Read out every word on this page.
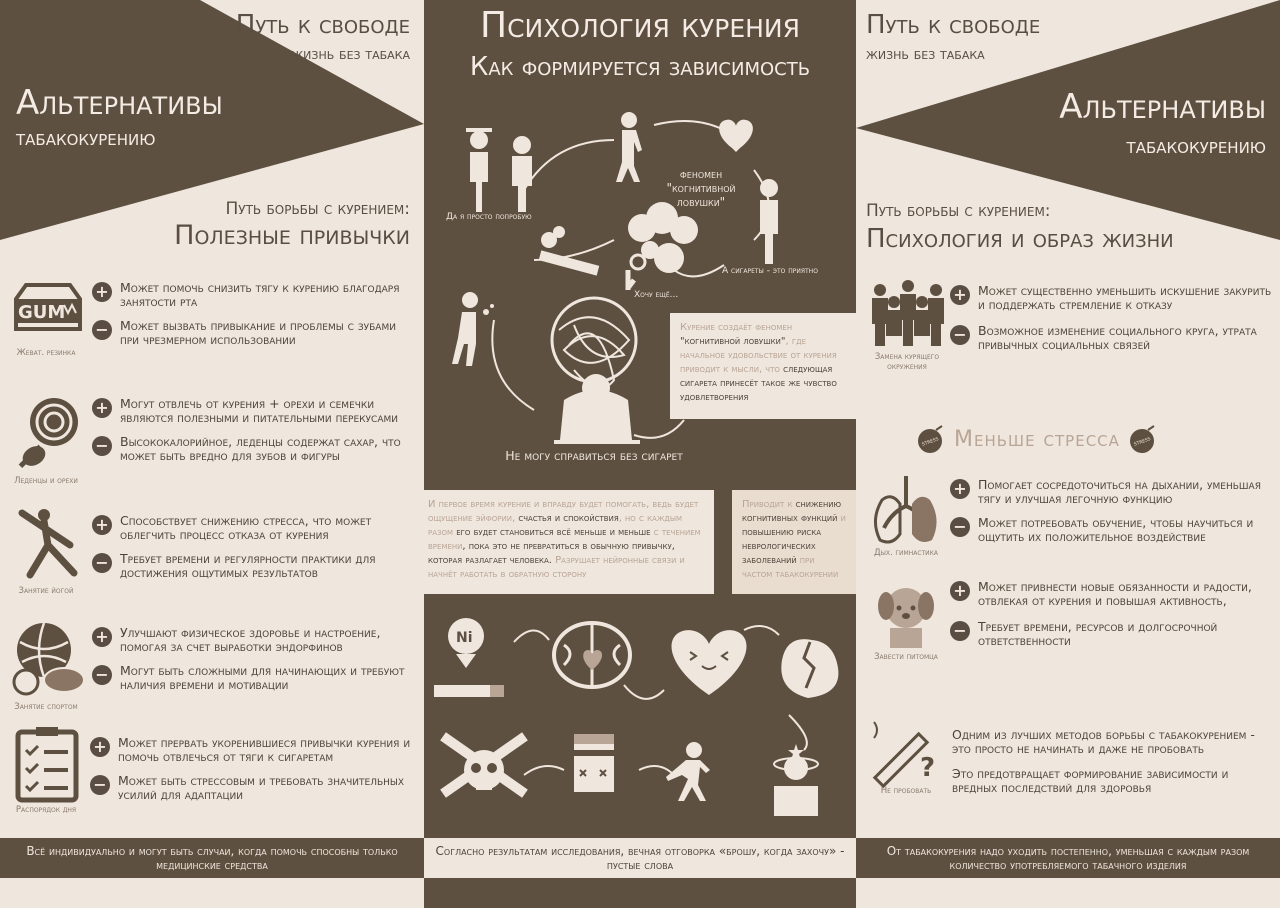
Путь к свободе
жизнь без табака
Альтернативы
табакокурению
Путь борьбы с курением:
Полезные привычки
GUM
Жеват. резинка
+ Может помочь снизить тягу к курению благодаря занятости рта
− Может вызвать привыкание и проблемы с зубами при чрезмерном использовании
Леденцы и орехи
+ Могут отвлечь от курения + орехи и семечки являются полезными и питательными перекусами
− Высококалорийное, леденцы содержат сахар, что может быть вредно для зубов и фигуры
Занятие йогой
+ Способствует снижению стресса, что может облегчить процесс отказа от курения
− Требует времени и регулярности практики для достижения ощутимых результатов
Занятие спортом
+ Улучшают физическое здоровье и настроение, помогая за счет выработки эндорфинов
− Могут быть сложными для начинающих и требуют наличия времени и мотивации
Распорядок дня
+ Может прервать укоренившиеся привычки курения и помочь отвлечься от тяги к сигаретам
− Может быть стрессовым и требовать значительных усилий для адаптации
Всё индивидуально и могут быть случаи, когда помочь способны только медицинские средства
Психология курения
Как формируется зависимость
феномен
"когнитивной ловушки"
Да я просто попробую
А сигареты - это приятно
Хочу ещё...
Не могу справиться без сигарет
Курение создаёт феномен "когнитивной ловушки", где начальное удовольствие от курения приводит к мысли, что следующая сигарета принесёт такое же чувство удовлетворения
И первое время курение и вправду будет помогать, ведь будет ощущение эйфории, счастья и спокойствия, но с каждым разом его будет становиться всё меньше и меньше с течением времени, пока это не превратиться в обычную привычку, которая разлагает человека. Разрушает нейронные связи и начнёт работать в обратную сторону
Приводит к снижению когнитивных функций и повышению риска неврологических заболеваний при частом табакокурении
Ni
Согласно результатам исследования, вечная отговорка «брошу, когда захочу» - пустые слова
Путь к свободе
жизнь без табака
Альтернативы
табакокурению
Путь борьбы с курением:
Психология и образ жизни
Замена курящего окружения
+ Может существенно уменьшить искушение закурить и поддержать стремление к отказу
− Возможное изменение социального круга, утрата привычных социальных связей
STRESS Меньше стресса	STRESS
Дых. гимнастика
+ Помогает сосредоточиться на дыхании, уменьшая тягу и улучшая легочную функцию
− Может потребовать обучение, чтобы научиться и ощутить их положительное воздействие
Завести питомца
+ Может привнести новые обязанности и радости, отвлекая от курения и повышая активность,
− Требует времени, ресурсов и долгосрочной ответственности
?
Не пробовать
Одним из лучших методов борьбы с табакокурением - это просто не начинать и даже не пробовать
Это предотвращает формирование зависимости и вредных последствий для здоровья
От табакокурения надо уходить постепенно, уменьшая с каждым разом количество употребляемого табачного изделия
